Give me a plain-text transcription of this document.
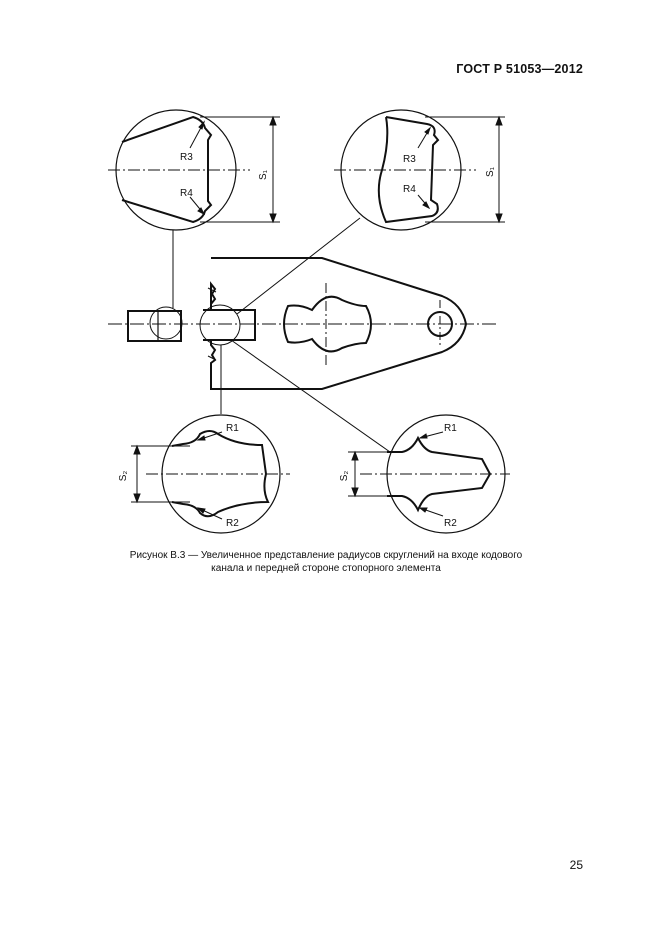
ГОСТ Р 51053—2012
R3
R4
R3
R4
R1
R2
R1
R2
S₁	S₁
S₂	S₂
Рисунок В.3 — Увеличенное представление радиусов скруглений на входе кодового
канала и передней стороне стопорного элемента
25
